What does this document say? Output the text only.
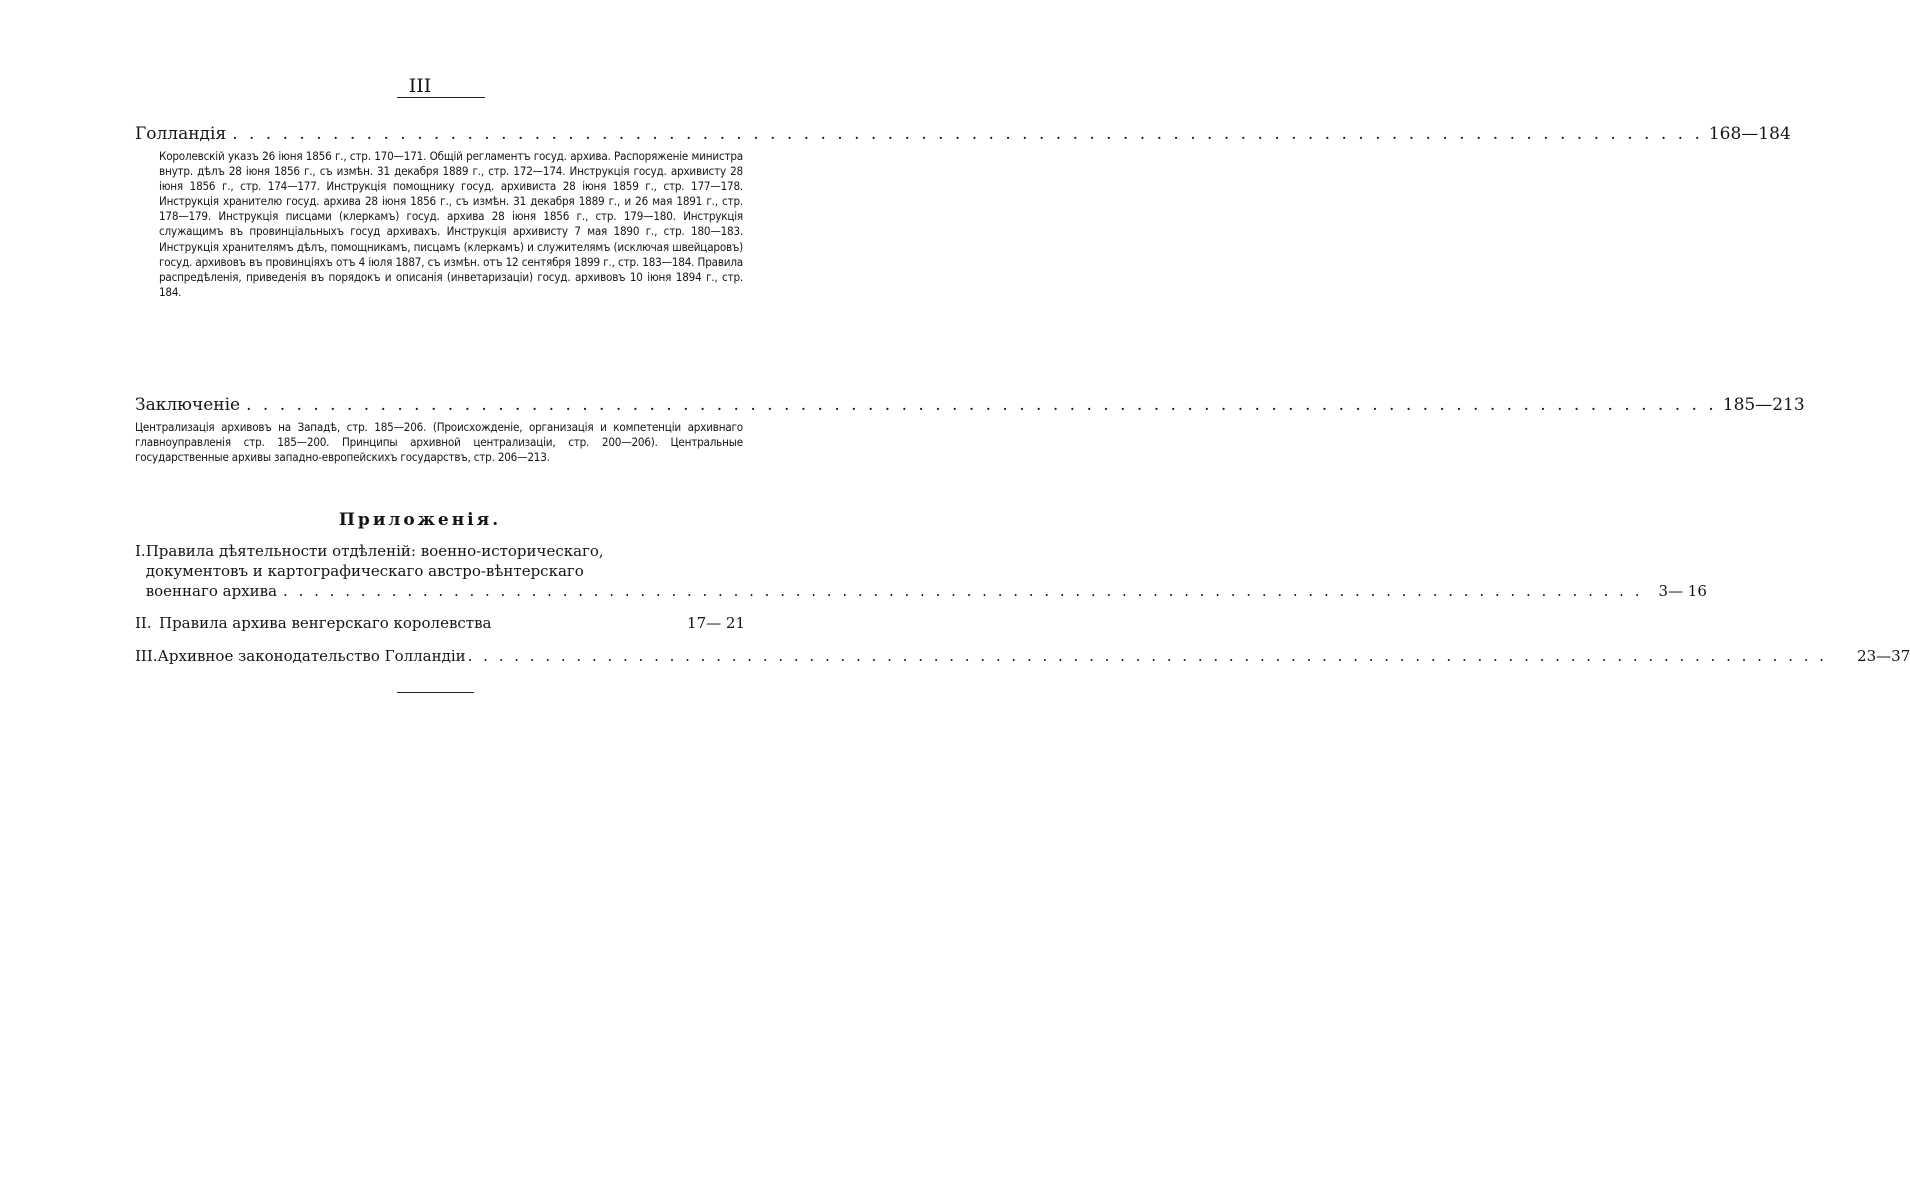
III
Голландія . . .	168—184
Королевскій указъ 26 іюня 1856 г., стр. 170—171. Общій регламентъ госуд. архива. Распоряженіе министра внутр. дѣлъ 28 іюня 1856 г., съ измѣн. 31 декабря 1889 г., стр. 172—174. Инструкція госуд. архивисту 28 іюня 1856 г., стр. 174—177. Инструкція помощнику госуд. архивиста 28 іюня 1859 г., стр. 177—178. Инструкція хранителю госуд. архива 28 іюня 1856 г., съ измѣн. 31 декабря 1889 г., и 26 мая 1891 г., стр. 178—179. Инструкція писцами (клеркамъ) госуд. архива 28 іюня 1856 г., стр. 179—180. Инструкція служащимъ въ провинціальныхъ госуд архивахъ. Инструкція архивисту 7 мая 1890 г., стр. 180—183. Инструкція хранителямъ дѣлъ, помощникамъ, писцамъ (клеркамъ) и служителямъ (исключая швейцаровъ) госуд. архивовъ въ провинціяхъ отъ 4 іюля 1887, съ измѣн. отъ 12 сентября 1899 г., стр. 183—184. Правила распредѣленія, приведенія въ порядокъ и описанія (инветаризаціи) госуд. архивовъ 10 іюня 1894 г., стр. 184.
Заключеніе . . .	185—213
Централизація архивовъ на Западѣ, стр. 185—206. (Происхожденіе, организація и компетенціи архивнаго главноуправленія стр. 185—200. Принципы архивной централизаціи, стр. 200—206). Центральные государственные архивы западно-европейскихъ государствъ, стр. 206—213.
Приложенія.
I. Правила дѣятельности отдѣленій: военно-историческаго,
документовъ и картографическаго австро-вѣнтерскаго
военнаго архива . . .	3— 16
II. Правила архива венгерскаго королевства	17— 21
III. Архивное законодательство Голландіи . . .	23—37
